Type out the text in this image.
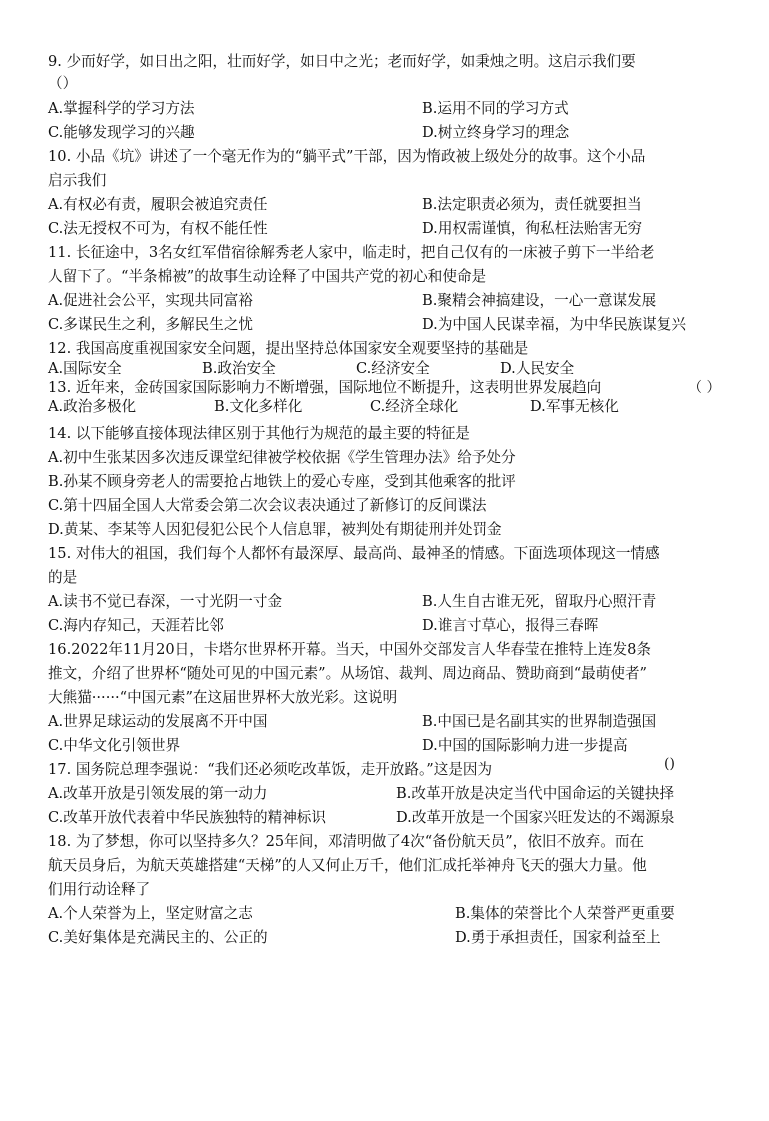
9. 少而好学，如日出之阳，壮而好学，如日中之光；老而好学，如秉烛之明。这启示我们要
（）
A.掌握科学的学习方法	B.运用不同的学习方式
C.能够发现学习的兴趣	D.树立终身学习的理念
10. 小品《坑》讲述了一个毫无作为的“躺平式”干部，因为惰政被上级处分的故事。这个小品
启示我们
A.有权必有责，履职会被追究责任	B.法定职责必须为，责任就要担当
C.法无授权不可为，有权不能任性	D.用权需谨慎，徇私枉法贻害无穷
11. 长征途中，3名女红军借宿徐解秀老人家中，临走时，把自己仅有的一床被子剪下一半给老
人留下了。“半条棉被”的故事生动诠释了中国共产党的初心和使命是
A.促进社会公平，实现共同富裕	B.聚精会神搞建设，一心一意谋发展
C.多谋民生之利，多解民生之忧	D.为中国人民谋幸福，为中华民族谋复兴
12. 我国高度重视国家安全问题，提出坚持总体国家安全观要坚持的基础是
A.国际安全	B.政治安全	C.经济安全	D.人民安全
13. 近年来，金砖国家国际影响力不断增强，国际地位不断提升，这表明世界发展趋向	（ ）
A.政治多极化	B.文化多样化	C.经济全球化	D.军事无核化
14. 以下能够直接体现法律区别于其他行为规范的最主要的特征是
A.初中生张某因多次违反课堂纪律被学校依据《学生管理办法》给予处分
B.孙某不顾身旁老人的需要抢占地铁上的爱心专座，受到其他乘客的批评
C.第十四届全国人大常委会第二次会议表决通过了新修订的反间谍法
D.黄某、李某等人因犯侵犯公民个人信息罪，被判处有期徒刑并处罚金
15. 对伟大的祖国，我们每个人都怀有最深厚、最高尚、最神圣的情感。下面选项体现这一情感
的是
A.读书不觉已春深，一寸光阴一寸金	B.人生自古谁无死，留取丹心照汗青
C.海内存知己，天涯若比邻	D.谁言寸草心，报得三春晖
16.2022年11月20日，卡塔尔世界杯开幕。当天，中国外交部发言人华春莹在推特上连发8条
推文，介绍了世界杯“随处可见的中国元素”。从场馆、裁判、周边商品、赞助商到“最萌使者”
大熊猫······“中国元素”在这届世界杯大放光彩。这说明
A.世界足球运动的发展离不开中国	B.中国已是名副其实的世界制造强国
C.中华文化引领世界	D.中国的国际影响力进一步提高
17. 国务院总理李强说：“我们还必须吃改革饭，走开放路。”这是因为	()
A.改革开放是引领发展的第一动力	B.改革开放是决定当代中国命运的关键抉择
C.改革开放代表着中华民族独特的精神标识	D.改革开放是一个国家兴旺发达的不竭源泉
18. 为了梦想，你可以坚持多久？25年间，邓清明做了4次“备份航天员”，依旧不放弃。而在
航天员身后，为航天英雄搭建“天梯”的人又何止万千，他们汇成托举神舟飞天的强大力量。他
们用行动诠释了
A.个人荣誉为上，坚定财富之志	B.集体的荣誉比个人荣誉严更重要
C.美好集体是充满民主的、公正的	D.勇于承担责任，国家利益至上
